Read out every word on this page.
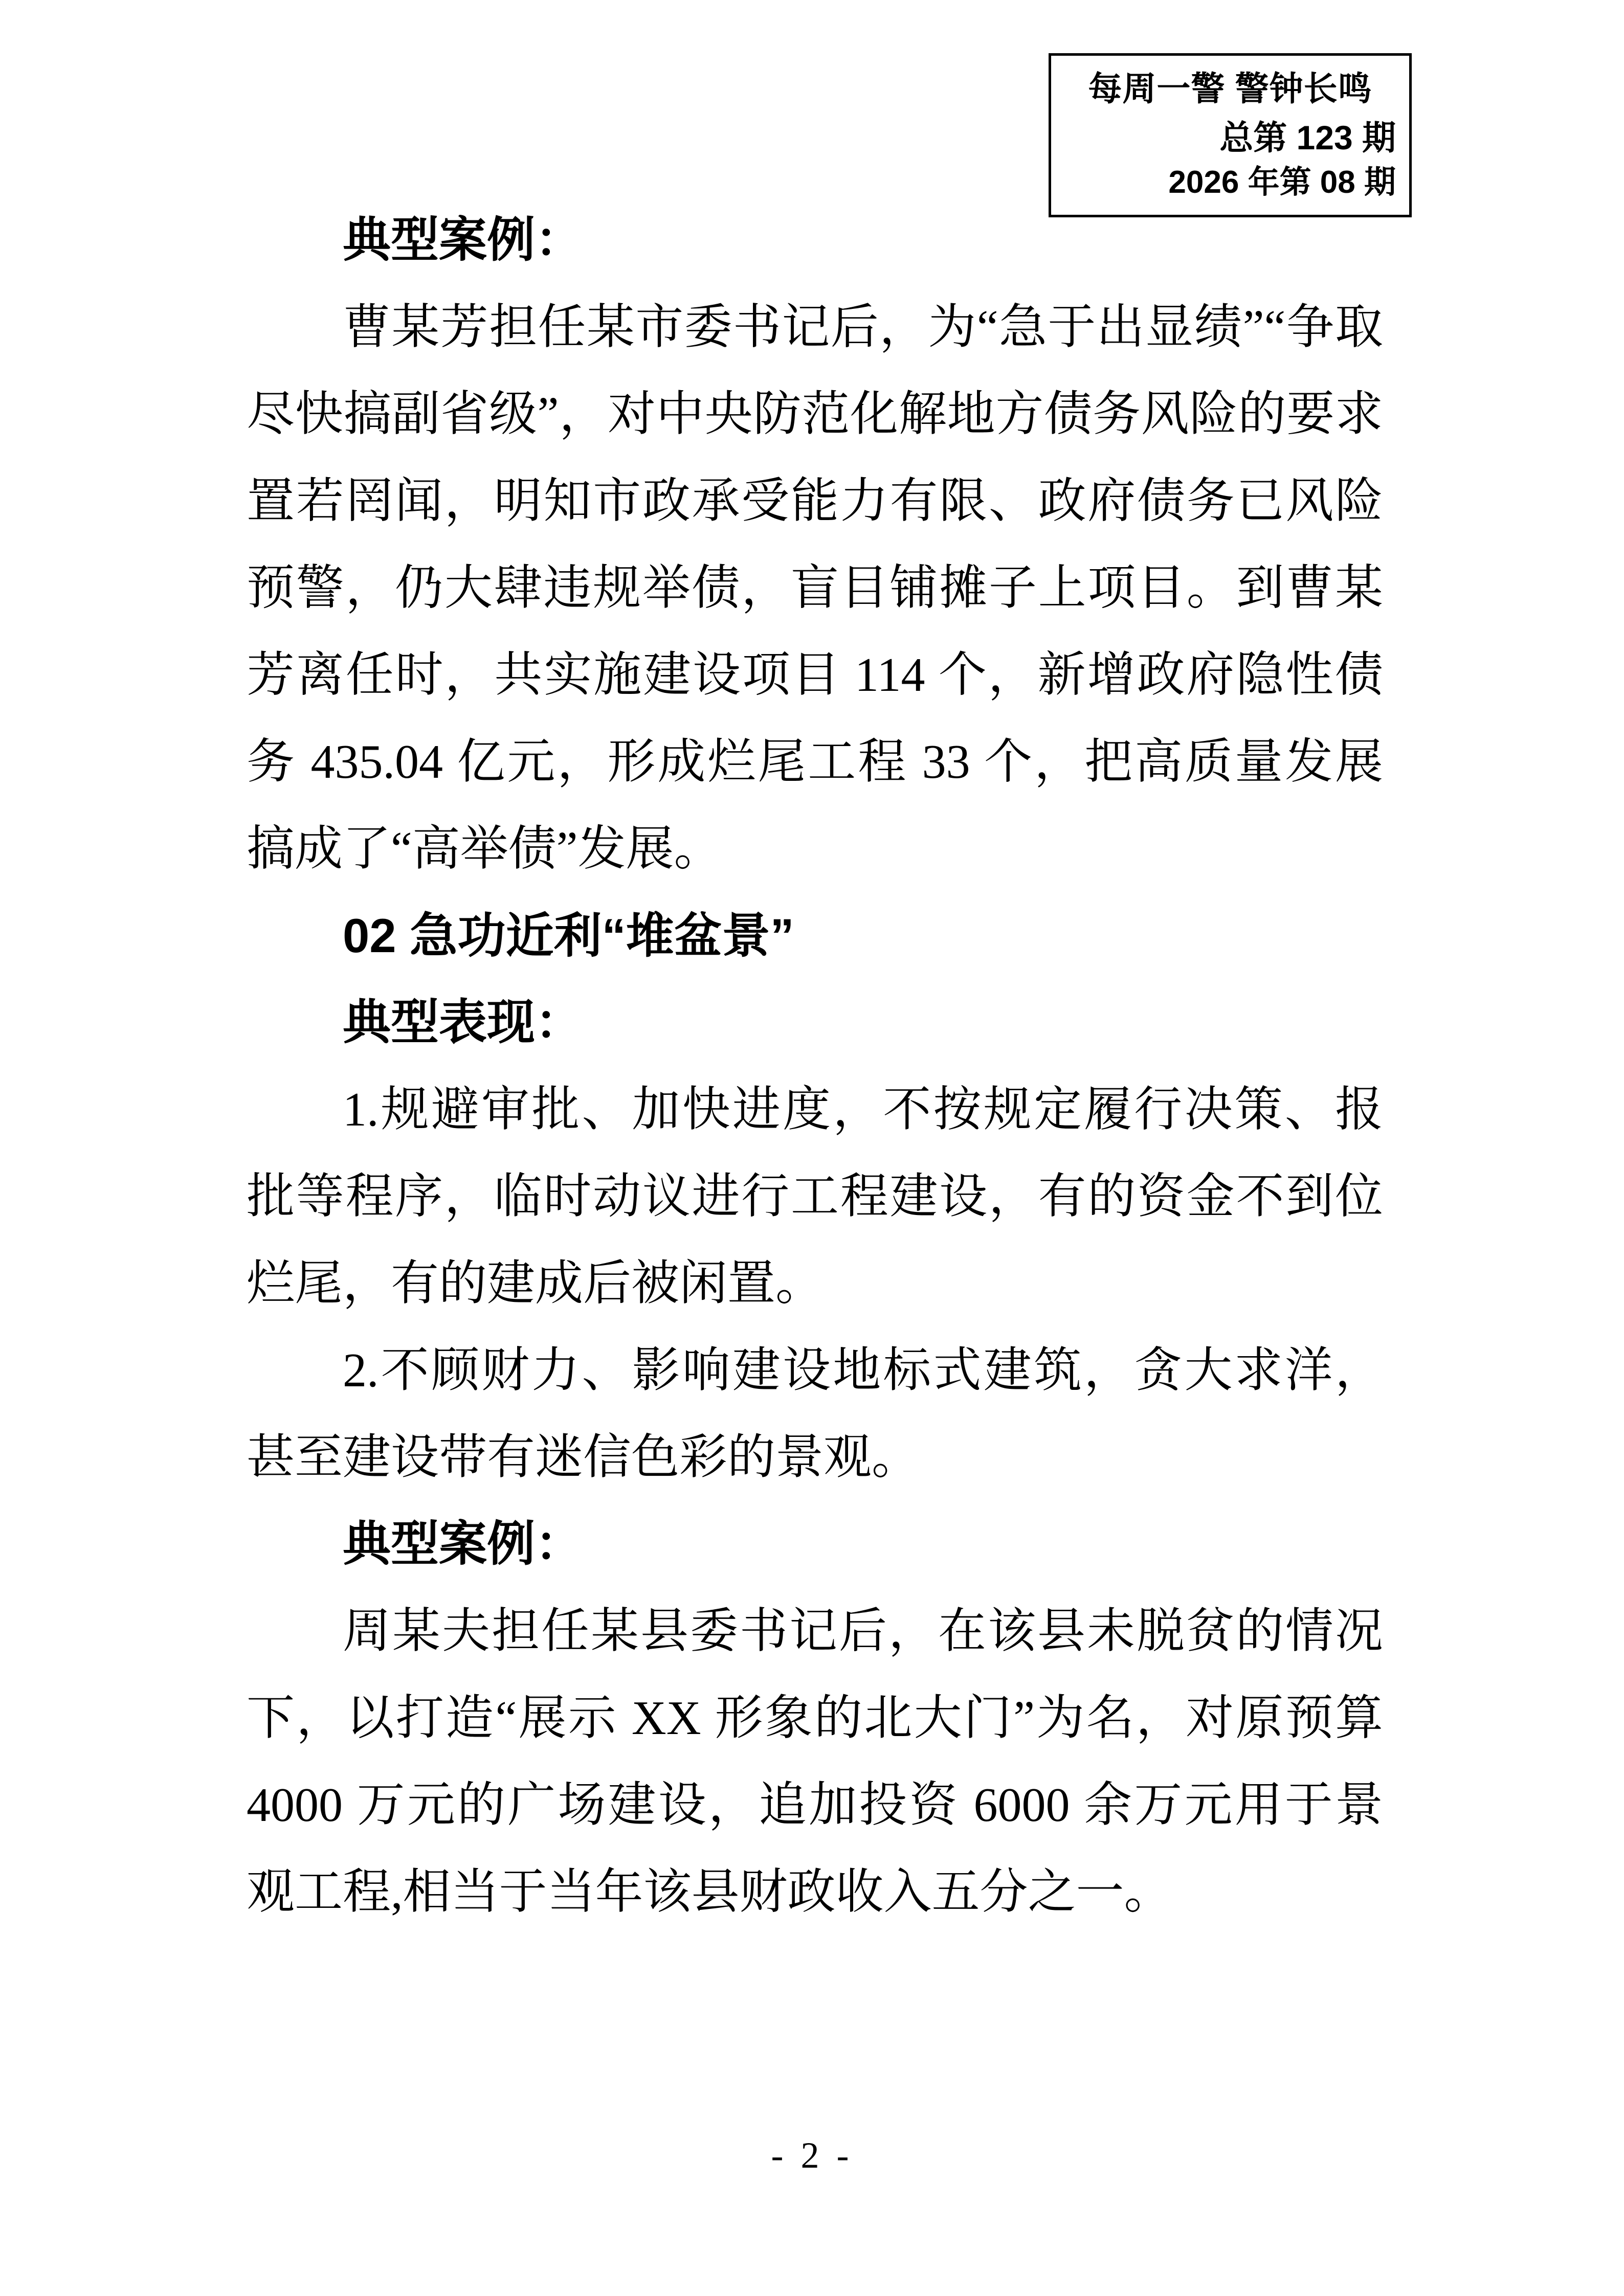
每周一警 警钟长鸣
总第 123 期
2026 年第 08 期

典型案例：

曹某芳担任某市委书记后，为“急于出显绩”“争取尽快搞副省级”，对中央防范化解地方债务风险的要求置若罔闻，明知市政承受能力有限、政府债务已风险预警，仍大肆违规举债，盲目铺摊子上项目。到曹某芳离任时，共实施建设项目 114 个，新增政府隐性债务 435.04 亿元，形成烂尾工程 33 个，把高质量发展搞成了“高举债”发展。

02 急功近利“堆盆景”

典型表现：

1.规避审批、加快进度，不按规定履行决策、报批等程序，临时动议进行工程建设，有的资金不到位烂尾，有的建成后被闲置。

2.不顾财力、影响建设地标式建筑，贪大求洋，甚至建设带有迷信色彩的景观。

典型案例：

周某夫担任某县委书记后，在该县未脱贫的情况下，以打造“展示 XX 形象的北大门”为名，对原预算 4000 万元的广场建设，追加投资 6000 余万元用于景观工程,相当于当年该县财政收入五分之一。

- 2 -
